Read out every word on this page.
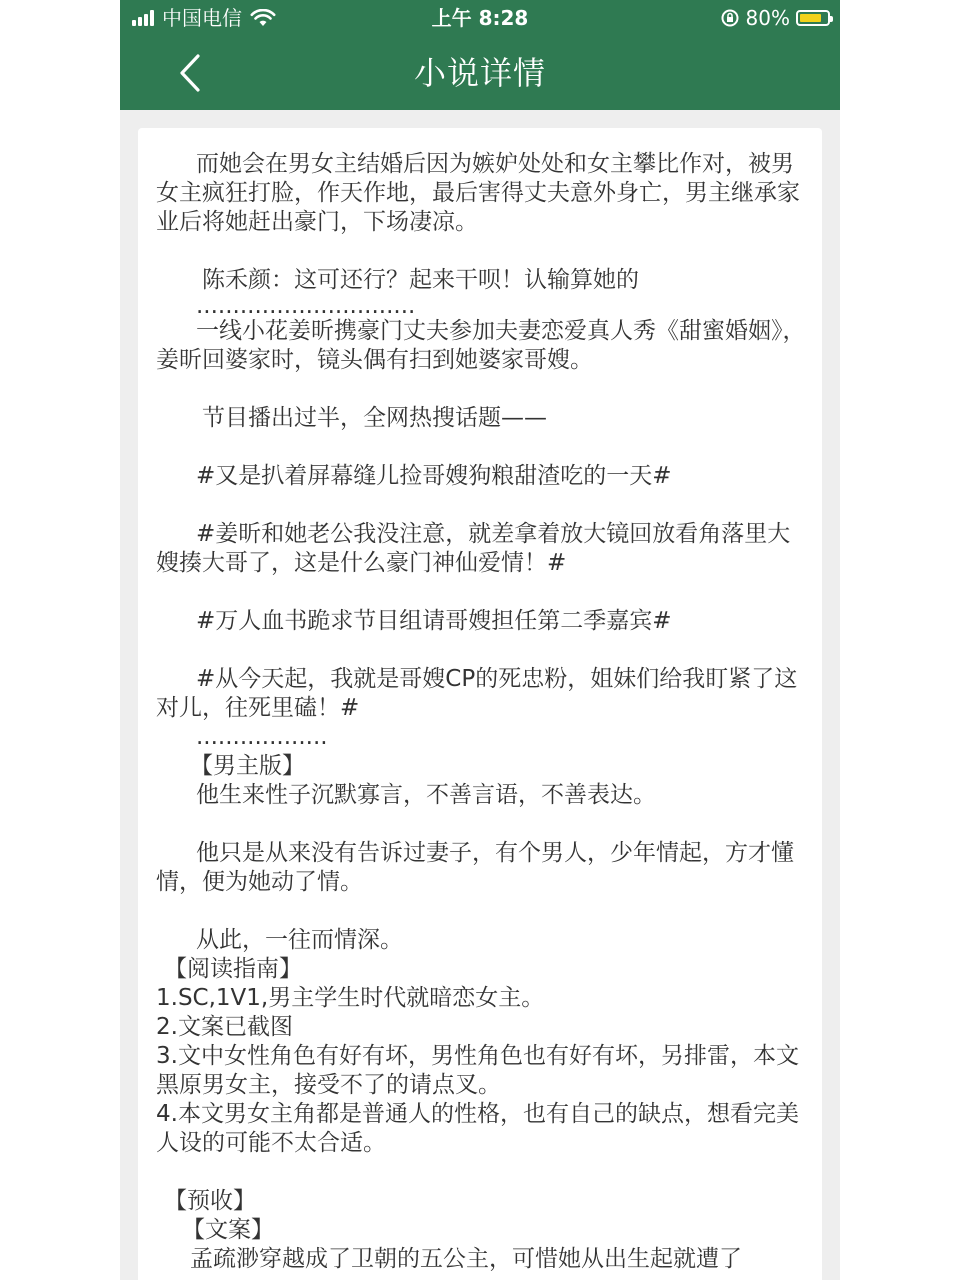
中国电信	上午 8:28	80%
小说详情

而她会在男女主结婚后因为嫉妒处处和女主攀比作对，被男女主疯狂打脸，作天作地，最后害得丈夫意外身亡，男主继承家业后将她赶出豪门，下场凄凉。

陈禾颜：这可还行？起来干呗！认输算她的

..............................

一线小花姜昕携豪门丈夫参加夫妻恋爱真人秀《甜蜜婚姻》，姜昕回婆家时，镜头偶有扫到她婆家哥嫂。

节目播出过半，全网热搜话题——

#又是扒着屏幕缝儿捡哥嫂狗粮甜渣吃的一天#

#姜昕和她老公我没注意，就差拿着放大镜回放看角落里大嫂揍大哥了，这是什么豪门神仙爱情！#

#万人血书跪求节目组请哥嫂担任第二季嘉宾#

#从今天起，我就是哥嫂CP的死忠粉，姐妹们给我盯紧了这对儿，往死里磕！#

..................

【男主版】

他生来性子沉默寡言，不善言语，不善表达。

他只是从来没有告诉过妻子，有个男人，少年情起，方才懂情，便为她动了情。

从此，一往而情深。

【阅读指南】

1.SC,1V1,男主学生时代就暗恋女主。

2.文案已截图

3.文中女性角色有好有坏，男性角色也有好有坏，另排雷，本文黑原男女主，接受不了的请点叉。

4.本文男女主角都是普通人的性格，也有自己的缺点，想看完美人设的可能不太合适。

【预收】

【文案】

孟疏渺穿越成了卫朝的五公主，可惜她从出生起就遭了
